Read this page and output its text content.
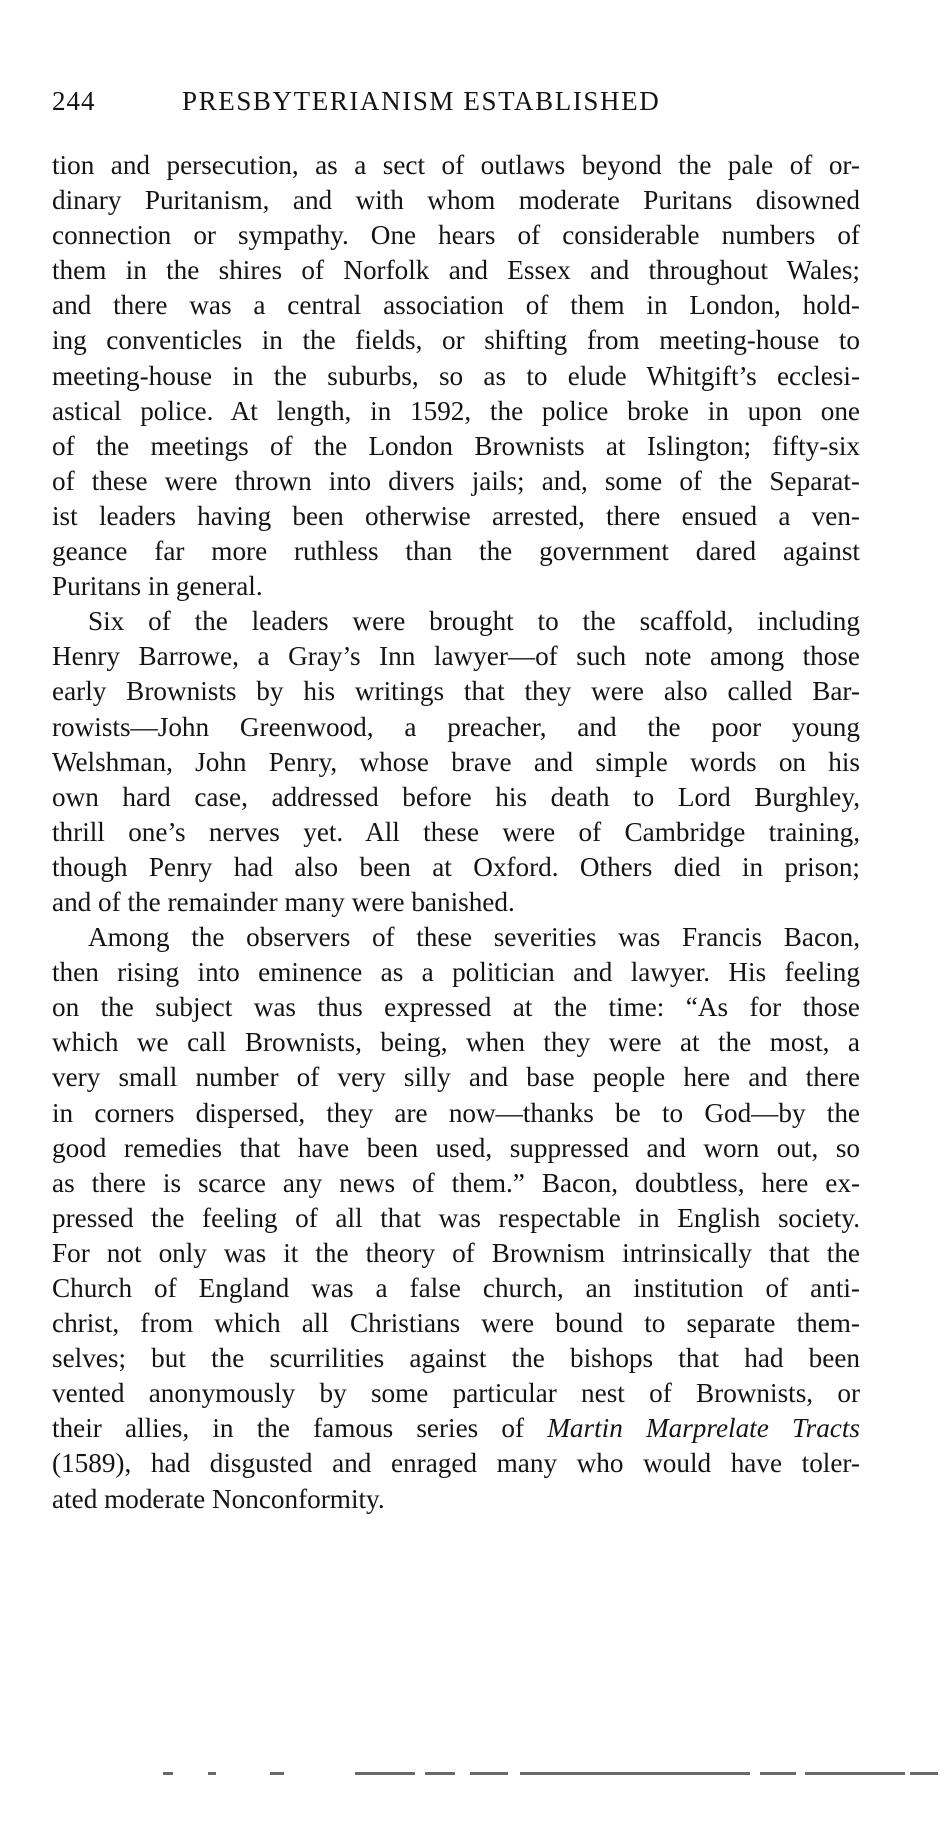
244	PRESBYTERIANISM ESTABLISHED
tion and persecution, as a sect of outlaws beyond the pale of or-
dinary Puritanism, and with whom moderate Puritans disowned
connection or sympathy. One hears of considerable numbers of
them in the shires of Norfolk and Essex and throughout Wales;
and there was a central association of them in London, hold-
ing conventicles in the fields, or shifting from meeting-house to
meeting-house in the suburbs, so as to elude Whitgift’s ecclesi-
astical police. At length, in 1592, the police broke in upon one
of the meetings of the London Brownists at Islington; fifty-six
of these were thrown into divers jails; and, some of the Separat-
ist leaders having been otherwise arrested, there ensued a ven-
geance far more ruthless than the government dared against
Puritans in general.
Six of the leaders were brought to the scaffold, including
Henry Barrowe, a Gray’s Inn lawyer—of such note among those
early Brownists by his writings that they were also called Bar-
rowists—John Greenwood, a preacher, and the poor young
Welshman, John Penry, whose brave and simple words on his
own hard case, addressed before his death to Lord Burghley,
thrill one’s nerves yet. All these were of Cambridge training,
though Penry had also been at Oxford. Others died in prison;
and of the remainder many were banished.
Among the observers of these severities was Francis Bacon,
then rising into eminence as a politician and lawyer. His feeling
on the subject was thus expressed at the time: “As for those
which we call Brownists, being, when they were at the most, a
very small number of very silly and base people here and there
in corners dispersed, they are now—thanks be to God—by the
good remedies that have been used, suppressed and worn out, so
as there is scarce any news of them.” Bacon, doubtless, here ex-
pressed the feeling of all that was respectable in English society.
For not only was it the theory of Brownism intrinsically that the
Church of England was a false church, an institution of anti-
christ, from which all Christians were bound to separate them-
selves; but the scurrilities against the bishops that had been
vented anonymously by some particular nest of Brownists, or
their allies, in the famous series of Martin Marprelate Tracts
(1589), had disgusted and enraged many who would have toler-
ated moderate Nonconformity.
